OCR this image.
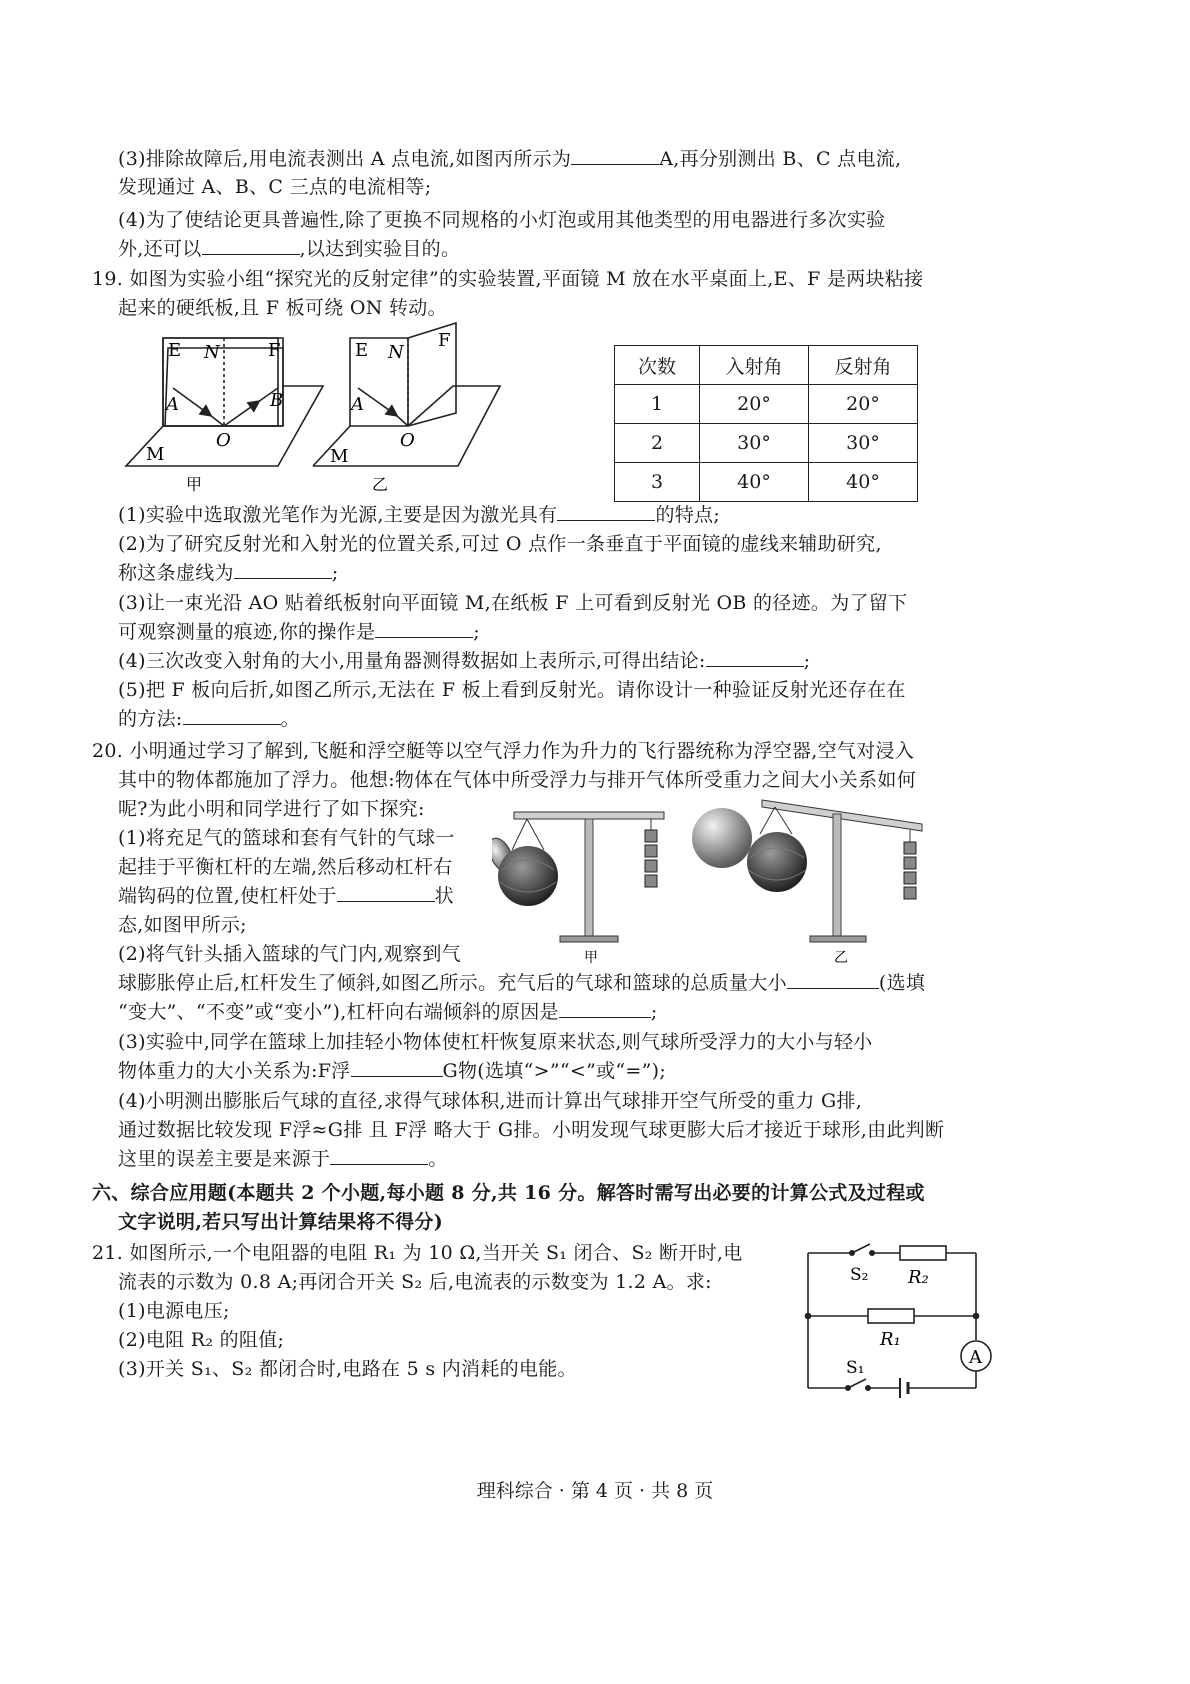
(3)排除故障后,用电流表测出 A 点电流,如图丙所示为	A,再分别测出 B、C 点电流,
发现通过 A、B、C 三点的电流相等;
(4)为了使结论更具普遍性,除了更换不同规格的小灯泡或用其他类型的用电器进行多次实验
外,还可以	,以达到实验目的。
19. 如图为实验小组“探究光的反射定律”的实验装置,平面镜 M 放在水平桌面上,E、F 是两块粘接
起来的硬纸板,且 F 板可绕 ON 转动。
E N	F
A	B
O
M
甲
E N
F
A
O
M
乙
次数	入射角	反射角
1	20°	20°
2	30°	30°
3	40°	40°
(1)实验中选取激光笔作为光源,主要是因为激光具有	的特点;
(2)为了研究反射光和入射光的位置关系,可过 O 点作一条垂直于平面镜的虚线来辅助研究,
称这条虚线为	;
(3)让一束光沿 AO 贴着纸板射向平面镜 M,在纸板 F 上可看到反射光 OB 的径迹。为了留下
可观察测量的痕迹,你的操作是	;
(4)三次改变入射角的大小,用量角器测得数据如上表所示,可得出结论:	;
(5)把 F 板向后折,如图乙所示,无法在 F 板上看到反射光。请你设计一种验证反射光还存在在
的方法:	。
20. 小明通过学习了解到,飞艇和浮空艇等以空气浮力作为升力的飞行器统称为浮空器,空气对浸入
其中的物体都施加了浮力。他想:物体在气体中所受浮力与排开气体所受重力之间大小关系如何
呢?为此小明和同学进行了如下探究:
(1)将充足气的篮球和套有气针的气球一
起挂于平衡杠杆的左端,然后移动杠杆右
端钩码的位置,使杠杆处于	状
态,如图甲所示;
(2)将气针头插入篮球的气门内,观察到气	甲	乙
球膨胀停止后,杠杆发生了倾斜,如图乙所示。充气后的气球和篮球的总质量大小	(选填
“变大”、“不变”或“变小”),杠杆向右端倾斜的原因是	;
(3)实验中,同学在篮球上加挂轻小物体使杠杆恢复原来状态,则气球所受浮力的大小与轻小
物体重力的大小关系为:F浮	G物(选填“>”“<”或“=”);
(4)小明测出膨胀后气球的直径,求得气球体积,进而计算出气球排开空气所受的重力 G排,
通过数据比较发现 F浮≈G排 且 F浮 略大于 G排。小明发现气球更膨大后才接近于球形,由此判断
这里的误差主要是来源于	。
六、综合应用题(本题共 2 个小题,每小题 8 分,共 16 分。解答时需写出必要的计算公式及过程或
文字说明,若只写出计算结果将不得分)
21. 如图所示,一个电阻器的电阻 R₁ 为 10 Ω,当开关 S₁ 闭合、S₂ 断开时,电
流表的示数为 0.8 A;再闭合开关 S₂ 后,电流表的示数变为 1.2 A。求:
(1)电源电压;
(2)电阻 R₂ 的阻值;
(3)开关 S₁、S₂ 都闭合时,电路在 5 s 内消耗的电能。
S₂ R₂
R₁
S₁	A
理科综合 · 第 4 页 · 共 8 页
